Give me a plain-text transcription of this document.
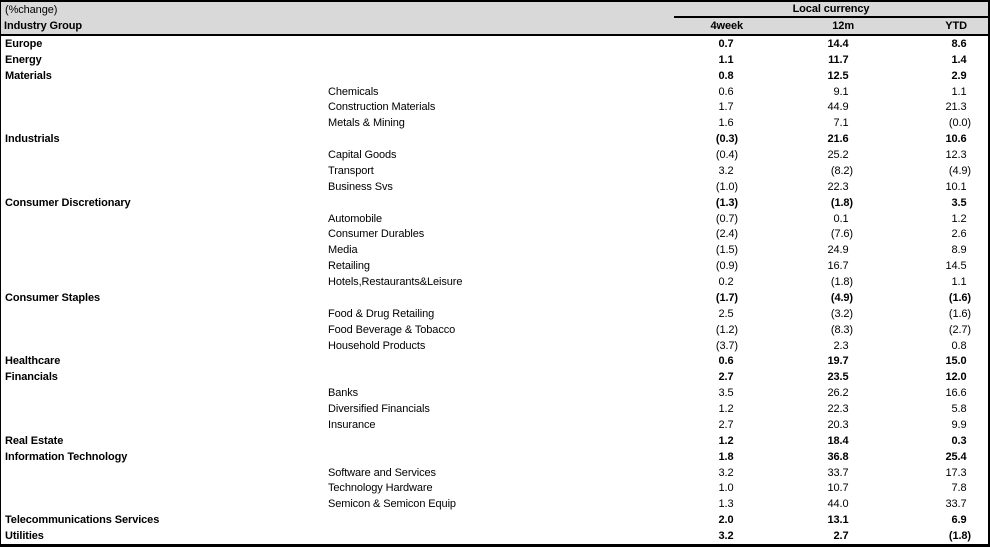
(%change)	Local currency
Industry Group	4week	12m	YTD
Europe	0.7	14.4	8.6
Energy	1.1	11.7	1.4
Materials	0.8	12.5	2.9
Chemicals	0.6	9.1	1.1
Construction Materials	1.7	44.9	21.3
Metals & Mining	1.6	7.1	(0.0)
Industrials	(0.3)	21.6	10.6
Capital Goods	(0.4)	25.2	12.3
Transport	3.2	(8.2)	(4.9)
Business Svs	(1.0)	22.3	10.1
Consumer Discretionary	(1.3)	(1.8)	3.5
Automobile	(0.7)	0.1	1.2
Consumer Durables	(2.4)	(7.6)	2.6
Media	(1.5)	24.9	8.9
Retailing	(0.9)	16.7	14.5
Hotels,Restaurants&Leisure	0.2	(1.8)	1.1
Consumer Staples	(1.7)	(4.9)	(1.6)
Food & Drug Retailing	2.5	(3.2)	(1.6)
Food Beverage & Tobacco	(1.2)	(8.3)	(2.7)
Household Products	(3.7)	2.3	0.8
Healthcare	0.6	19.7	15.0
Financials	2.7	23.5	12.0
Banks	3.5	26.2	16.6
Diversified Financials	1.2	22.3	5.8
Insurance	2.7	20.3	9.9
Real Estate	1.2	18.4	0.3
Information Technology	1.8	36.8	25.4
Software and Services	3.2	33.7	17.3
Technology Hardware	1.0	10.7	7.8
Semicon & Semicon Equip	1.3	44.0	33.7
Telecommunications Services	2.0	13.1	6.9
Utilities	3.2	2.7	(1.8)
